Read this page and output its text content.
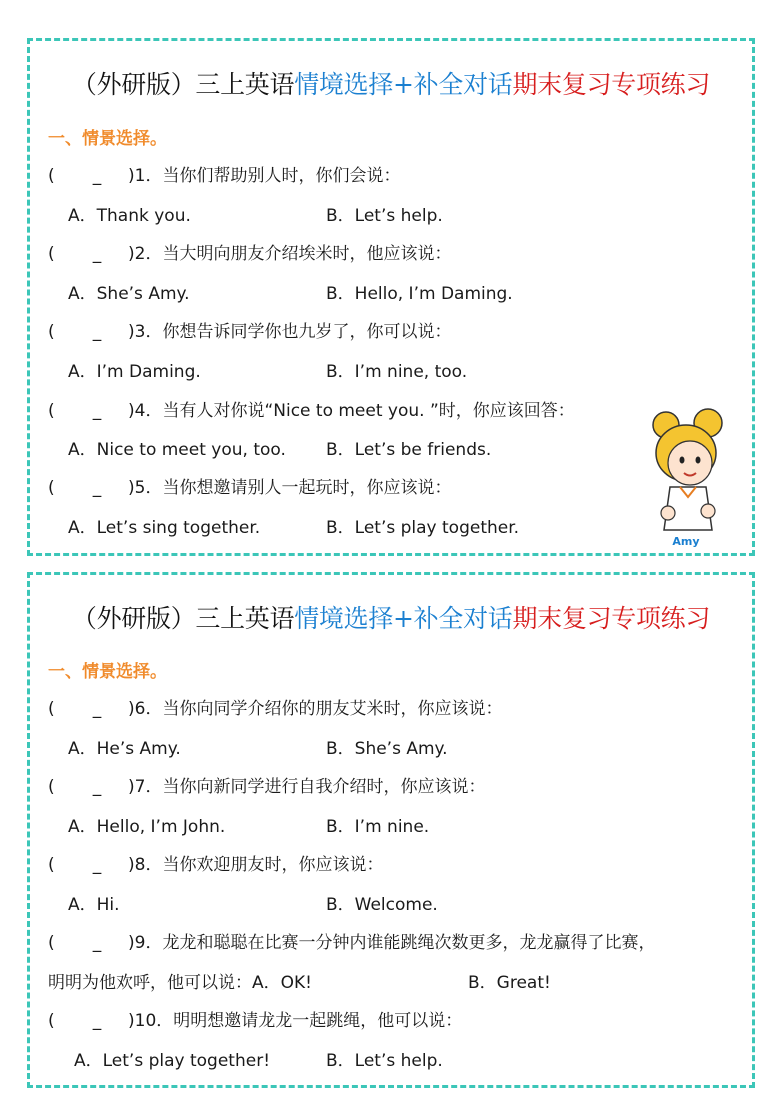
（外研版）三上英语情境选择+补全对话期末复习专项练习
一、情景选择。
( _ )1．当你们帮助别人时，你们会说：
A．Thank you.	B．Let’s help.
( _ )2．当大明向朋友介绍埃米时，他应该说：
A．She’s Amy.	B．Hello, I’m Daming.
( _ )3．你想告诉同学你也九岁了，你可以说：
A．I’m Daming.	B．I’m nine, too.
( _ )4．当有人对你说“Nice to meet you. ”时，你应该回答：
A．Nice to meet you, too. B．Let’s be friends.
( _ )5．当你想邀请别人一起玩时，你应该说：
A．Let’s sing together.	B．Let’s play together.
Amy
（外研版）三上英语情境选择+补全对话期末复习专项练习
一、情景选择。
( _ )6．当你向同学介绍你的朋友艾米时，你应该说：
A．He’s Amy.	B．She’s Amy.
( _ )7．当你向新同学进行自我介绍时，你应该说：
A．Hello, I’m John.	B．I’m nine.
( _ )8．当你欢迎朋友时，你应该说：
A．Hi.	B．Welcome.
( _ )9．龙龙和聪聪在比赛一分钟内谁能跳绳次数更多，龙龙赢得了比赛，
明明为他欢呼，他可以说：A．OK!	B．Great!
( _ )10．明明想邀请龙龙一起跳绳，他可以说：
A．Let’s play together!	B．Let’s help.
